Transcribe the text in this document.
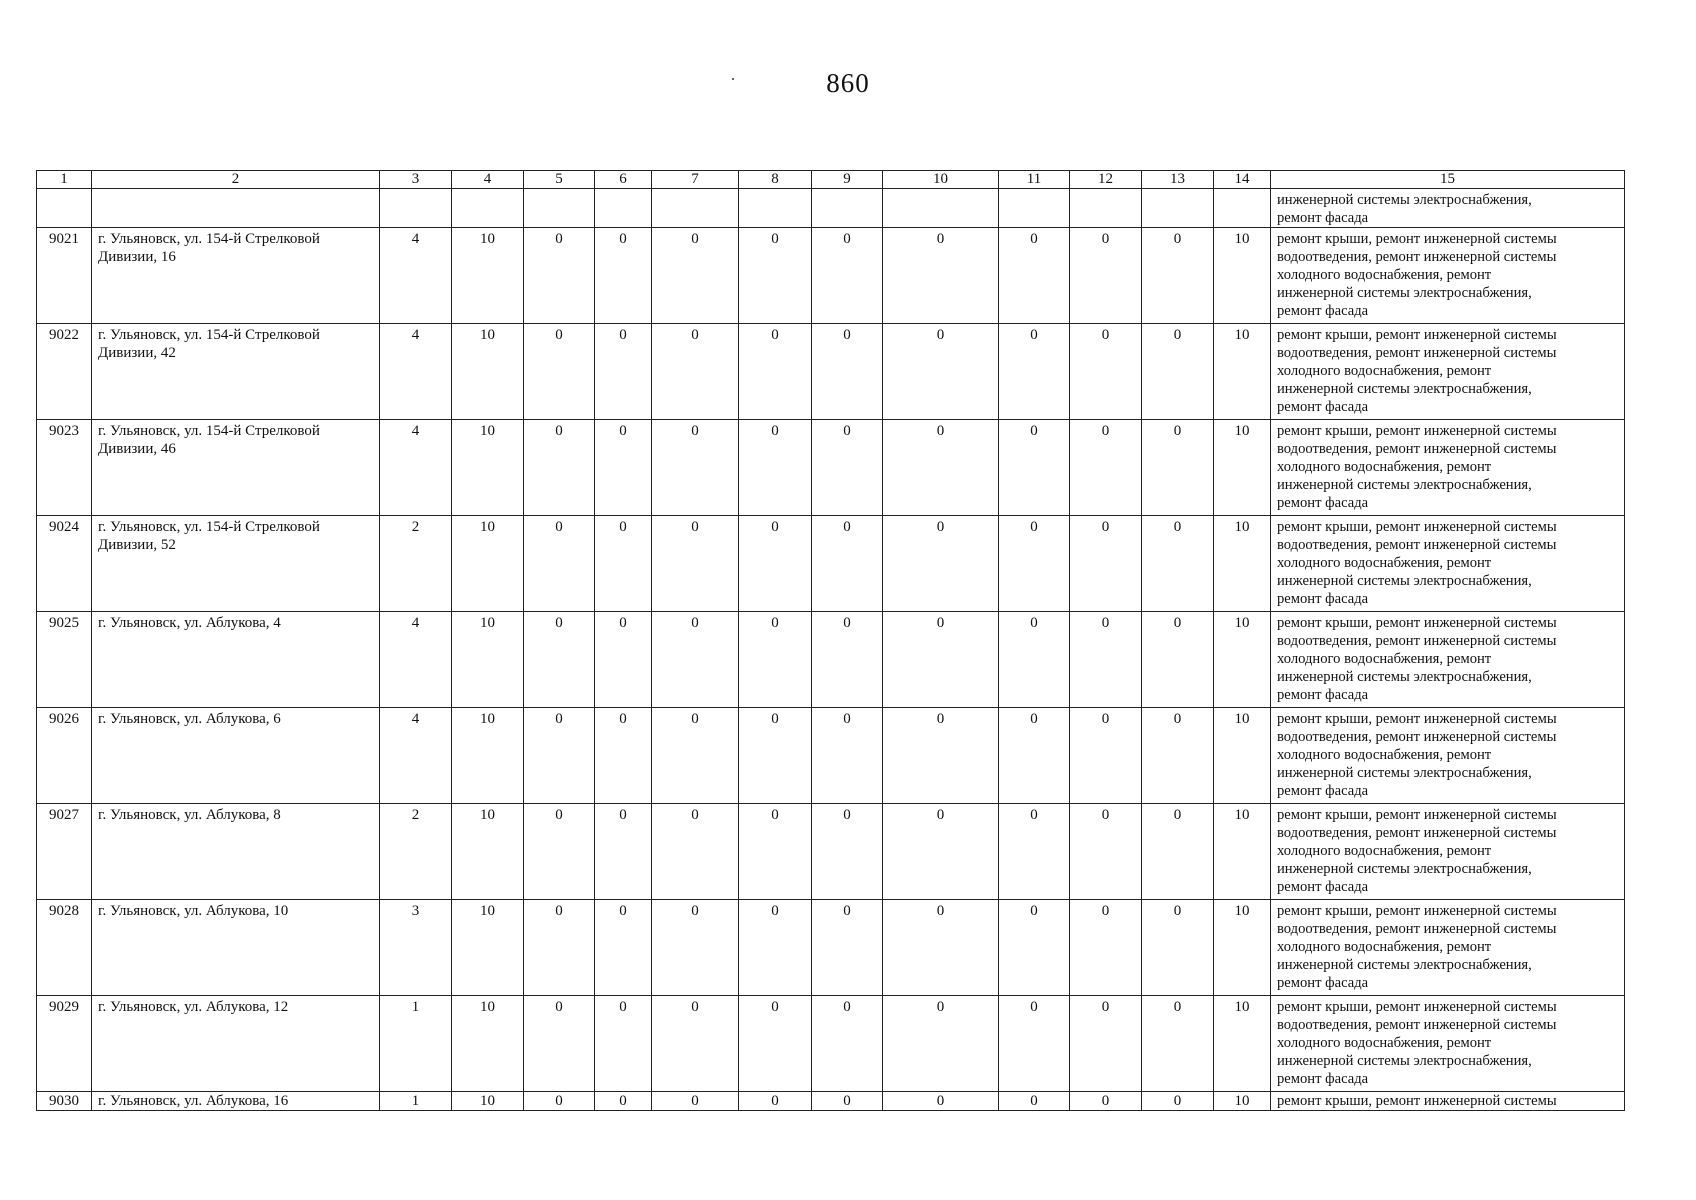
860
1	2	3	4	5	6	7	8	9	10	11	12	13	14	15
														инженерной системы электроснабжения,
ремонт фасада
9021	г. Ульяновск, ул. 154-й Стрелковой Дивизии, 16	4	10	0	0	0	0	0	0	0	0	0	10	ремонт крыши, ремонт инженерной системы
водоотведения, ремонт инженерной системы
холодного водоснабжения, ремонт
инженерной системы электроснабжения,
ремонт фасада
9022	г. Ульяновск, ул. 154-й Стрелковой Дивизии, 42	4	10	0	0	0	0	0	0	0	0	0	10	ремонт крыши, ремонт инженерной системы
водоотведения, ремонт инженерной системы
холодного водоснабжения, ремонт
инженерной системы электроснабжения,
ремонт фасада
9023	г. Ульяновск, ул. 154-й Стрелковой Дивизии, 46	4	10	0	0	0	0	0	0	0	0	0	10	ремонт крыши, ремонт инженерной системы
водоотведения, ремонт инженерной системы
холодного водоснабжения, ремонт
инженерной системы электроснабжения,
ремонт фасада
9024	г. Ульяновск, ул. 154-й Стрелковой Дивизии, 52	2	10	0	0	0	0	0	0	0	0	0	10	ремонт крыши, ремонт инженерной системы
водоотведения, ремонт инженерной системы
холодного водоснабжения, ремонт
инженерной системы электроснабжения,
ремонт фасада
9025	г. Ульяновск, ул. Аблукова, 4	4	10	0	0	0	0	0	0	0	0	0	10	ремонт крыши, ремонт инженерной системы
водоотведения, ремонт инженерной системы
холодного водоснабжения, ремонт
инженерной системы электроснабжения,
ремонт фасада
9026	г. Ульяновск, ул. Аблукова, 6	4	10	0	0	0	0	0	0	0	0	0	10	ремонт крыши, ремонт инженерной системы
водоотведения, ремонт инженерной системы
холодного водоснабжения, ремонт
инженерной системы электроснабжения,
ремонт фасада
9027	г. Ульяновск, ул. Аблукова, 8	2	10	0	0	0	0	0	0	0	0	0	10	ремонт крыши, ремонт инженерной системы
водоотведения, ремонт инженерной системы
холодного водоснабжения, ремонт
инженерной системы электроснабжения,
ремонт фасада
9028	г. Ульяновск, ул. Аблукова, 10	3	10	0	0	0	0	0	0	0	0	0	10	ремонт крыши, ремонт инженерной системы
водоотведения, ремонт инженерной системы
холодного водоснабжения, ремонт
инженерной системы электроснабжения,
ремонт фасада
9029	г. Ульяновск, ул. Аблукова, 12	1	10	0	0	0	0	0	0	0	0	0	10	ремонт крыши, ремонт инженерной системы
водоотведения, ремонт инженерной системы
холодного водоснабжения, ремонт
инженерной системы электроснабжения,
ремонт фасада
9030	г. Ульяновск, ул. Аблукова, 16	1	10	0	0	0	0	0	0	0	0	0	10	ремонт крыши, ремонт инженерной системы
